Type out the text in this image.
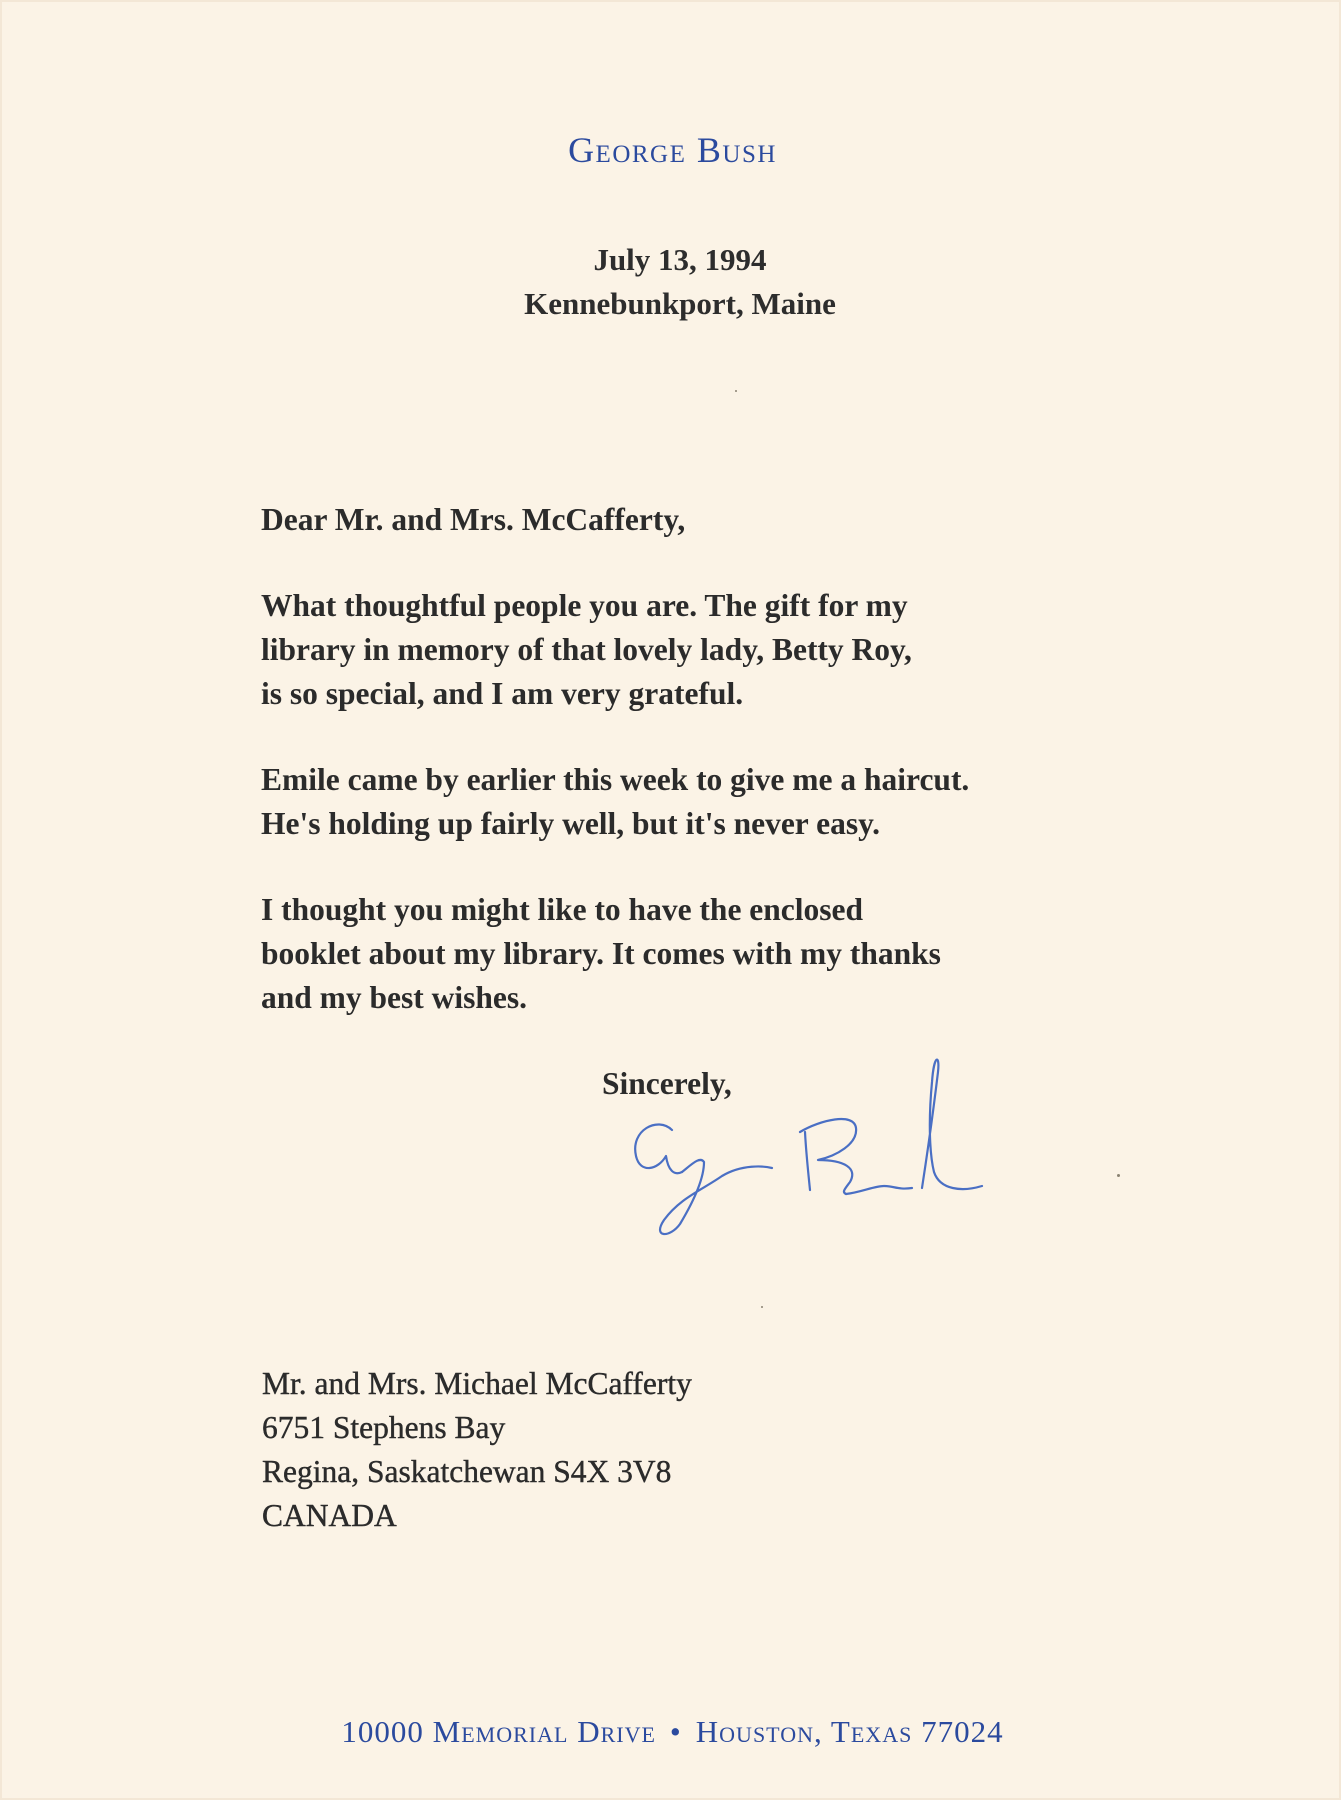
George Bush
July 13, 1994
Kennebunkport, Maine
Dear Mr. and Mrs. McCafferty,
What thoughtful people you are. The gift for my
library in memory of that lovely lady, Betty Roy,
is so special, and I am very grateful.
Emile came by earlier this week to give me a haircut.
He's holding up fairly well, but it's never easy.
I thought you might like to have the enclosed
booklet about my library. It comes with my thanks
and my best wishes.
Sincerely,
Mr. and Mrs. Michael McCafferty
6751 Stephens Bay
Regina, Saskatchewan S4X 3V8
CANADA
10000 Memorial Drive • Houston, Texas 77024
